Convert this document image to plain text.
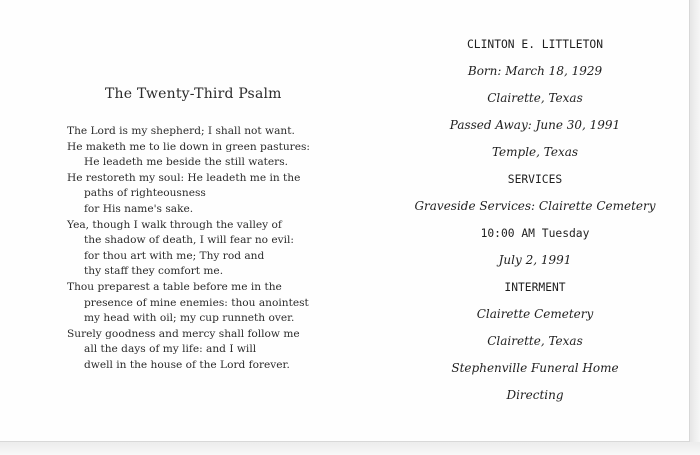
The Twenty-Third Psalm
The Lord is my shepherd; I shall not want.
He maketh me to lie down in green pastures:
He leadeth me beside the still waters.
He restoreth my soul: He leadeth me in the
paths of righteousness
for His name's sake.
Yea, though I walk through the valley of
the shadow of death, I will fear no evil:
for thou art with me; Thy rod and
thy staff they comfort me.
Thou preparest a table before me in the
presence of mine enemies: thou anointest
my head with oil; my cup runneth over.
Surely goodness and mercy shall follow me
all the days of my life: and I will
dwell in the house of the Lord forever.
CLINTON E. LITTLETON
Born: March 18, 1929
Clairette, Texas
Passed Away: June 30, 1991
Temple, Texas
SERVICES
Graveside Services: Clairette Cemetery
10:00 AM Tuesday
July 2, 1991
INTERMENT
Clairette Cemetery
Clairette, Texas
Stephenville Funeral Home
Directing
